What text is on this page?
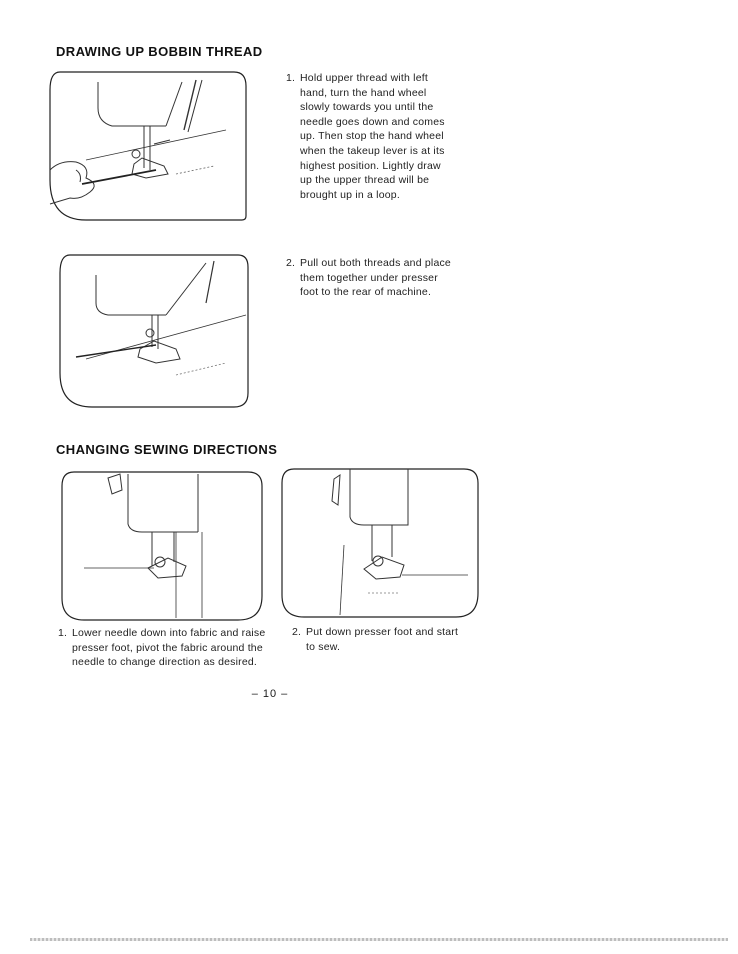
DRAWING UP BOBBIN THREAD
1. Hold upper thread with left hand, turn the hand wheel slowly towards you until the needle goes down and comes up. Then stop the hand wheel when the takeup lever is at its highest position. Lightly draw up the upper thread will be brought up in a loop.
2. Pull out both threads and place them together under presser foot to the rear of machine.
CHANGING SEWING DIRECTIONS
1. Lower needle down into fabric and raise presser foot, pivot the fabric around the needle to change direction as desired.
2. Put down presser foot and start to sew.
– 10 –
